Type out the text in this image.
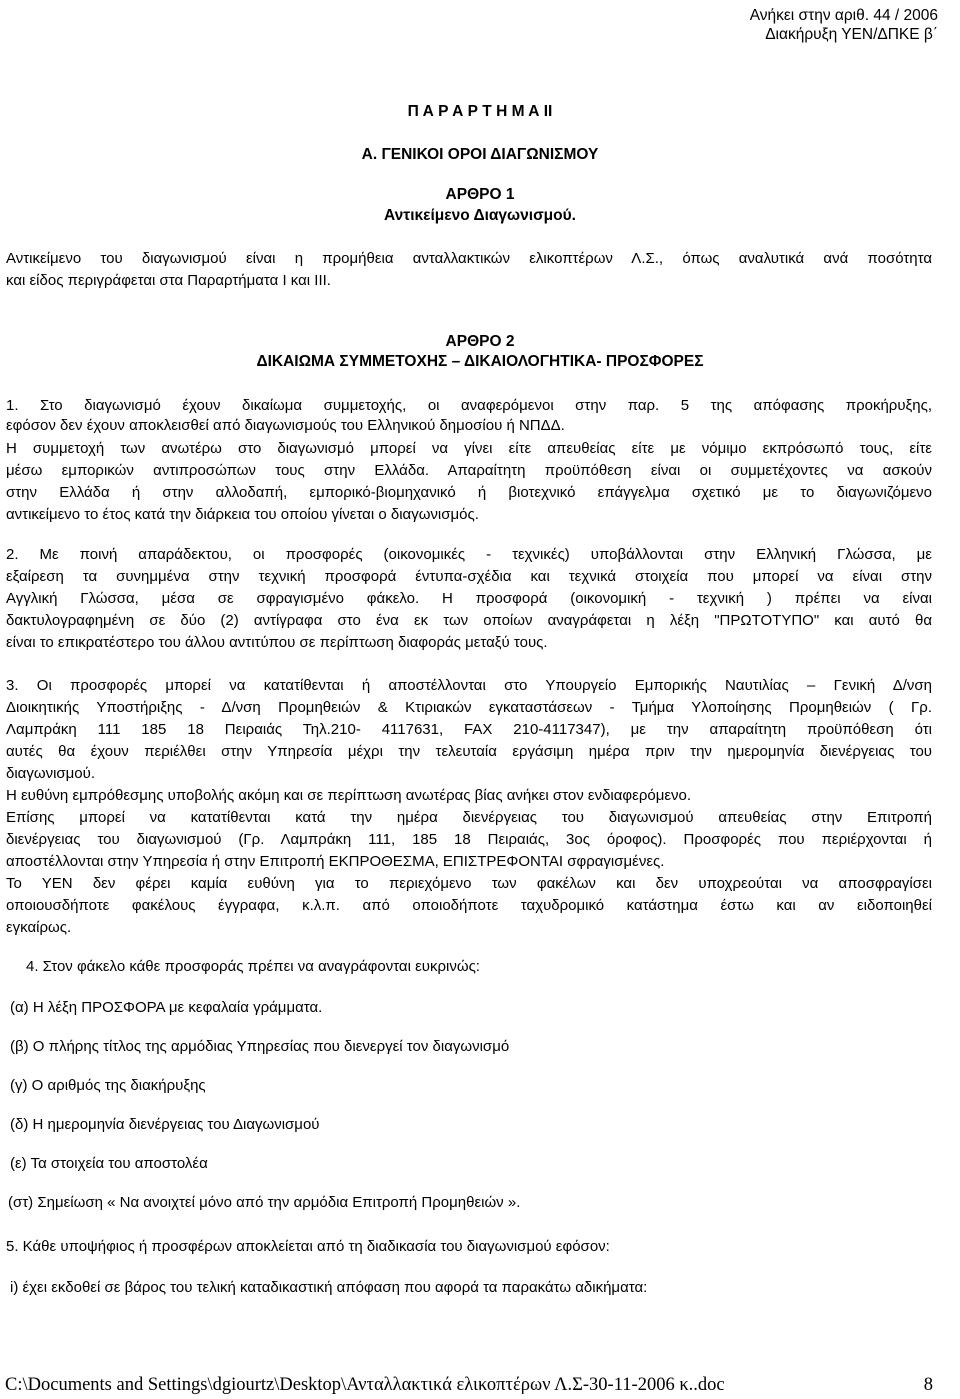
Ανήκει στην αριθ. 44 / 2006
Διακήρυξη ΥΕΝ/ΔΠΚΕ β΄
Π Α Ρ Α Ρ Τ Η Μ Α ΙΙ
Α. ΓΕΝΙΚΟΙ ΟΡΟΙ ΔΙΑΓΩΝΙΣΜΟΥ
ΑΡΘΡΟ 1
Αντικείμενο Διαγωνισμού.
Αντικείμενο του διαγωνισμού είναι η προμήθεια ανταλλακτικών ελικοπτέρων Λ.Σ., όπως αναλυτικά ανά ποσότητα
και είδος περιγράφεται στα Παραρτήματα Ι και ΙΙΙ.
ΑΡΘΡΟ 2
ΔΙΚΑΙΩΜΑ ΣΥΜΜΕΤΟΧΗΣ – ΔΙΚΑΙΟΛΟΓΗΤΙΚΑ- ΠΡΟΣΦΟΡΕΣ
1. Στο διαγωνισμό έχουν δικαίωμα συμμετοχής, οι αναφερόμενοι στην παρ. 5 της απόφασης προκήρυξης,
εφόσον δεν έχουν αποκλεισθεί από διαγωνισμούς του Ελληνικού δημοσίου ή ΝΠΔΔ.
Η συμμετοχή των ανωτέρω στο διαγωνισμό μπορεί να γίνει είτε απευθείας είτε με νόμιμο εκπρόσωπό τους, είτε
μέσω εμπορικών αντιπροσώπων τους στην Ελλάδα. Απαραίτητη προϋπόθεση είναι οι συμμετέχοντες να ασκούν
στην Ελλάδα ή στην αλλοδαπή, εμπορικό-βιομηχανικό ή βιοτεχνικό επάγγελμα σχετικό με το διαγωνιζόμενο
αντικείμενο το έτος κατά την διάρκεια του οποίου γίνεται ο διαγωνισμός.
2. Με ποινή απαράδεκτου, οι προσφορές (οικονομικές - τεχνικές) υποβάλλονται στην Ελληνική Γλώσσα, με
εξαίρεση τα συνημμένα στην τεχνική προσφορά έντυπα-σχέδια και τεχνικά στοιχεία που μπορεί να είναι στην
Αγγλική Γλώσσα, μέσα σε σφραγισμένο φάκελο. Η προσφορά (οικονομική - τεχνική ) πρέπει να είναι
δακτυλογραφημένη σε δύο (2) αντίγραφα στο ένα εκ των οποίων αναγράφεται η λέξη "ΠΡΩΤΟΤΥΠΟ" και αυτό θα
είναι το επικρατέστερο του άλλου αντιτύπου σε περίπτωση διαφοράς μεταξύ τους.
3. Οι προσφορές μπορεί να κατατίθενται ή αποστέλλονται στο Υπουργείο Εμπορικής Ναυτιλίας – Γενική Δ/νση
Διοικητικής Υποστήριξης - Δ/νση Προμηθειών & Κτιριακών εγκαταστάσεων - Τμήμα Υλοποίησης Προμηθειών ( Γρ.
Λαμπράκη 111 185 18 Πειραιάς Τηλ.210- 4117631, FAX 210-4117347), με την απαραίτητη προϋπόθεση ότι
αυτές θα έχουν περιέλθει στην Υπηρεσία μέχρι την τελευταία εργάσιμη ημέρα πριν την ημερομηνία διενέργειας του
διαγωνισμού.
Η ευθύνη εμπρόθεσμης υποβολής ακόμη και σε περίπτωση ανωτέρας βίας ανήκει στον ενδιαφερόμενο.
Επίσης μπορεί να κατατίθενται κατά την ημέρα διενέργειας του διαγωνισμού απευθείας στην Επιτροπή
διενέργειας του διαγωνισμού (Γρ. Λαμπράκη 111, 185 18 Πειραιάς, 3ος όροφος). Προσφορές που περιέρχονται ή
αποστέλλονται στην Υπηρεσία ή στην Επιτροπή ΕΚΠΡΟΘΕΣΜΑ, ΕΠΙΣΤΡΕΦΟΝΤΑΙ σφραγισμένες.
Το ΥΕΝ δεν φέρει καμία ευθύνη για το περιεχόμενο των φακέλων και δεν υποχρεούται να αποσφραγίσει
οποιουσδήποτε φακέλους έγγραφα, κ.λ.π. από οποιοδήποτε ταχυδρομικό κατάστημα έστω και αν ειδοποιηθεί
εγκαίρως.
4. Στον φάκελο κάθε προσφοράς πρέπει να αναγράφονται ευκρινώς:
(α) Η λέξη ΠΡΟΣΦΟΡΑ με κεφαλαία γράμματα.
(β) Ο πλήρης τίτλος της αρμόδιας Υπηρεσίας που διενεργεί τον διαγωνισμό
(γ) Ο αριθμός της διακήρυξης
(δ) Η ημερομηνία διενέργειας του Διαγωνισμού
(ε) Τα στοιχεία του αποστολέα
(στ) Σημείωση « Να ανοιχτεί μόνο από την αρμόδια Επιτροπή Προμηθειών ».
5. Κάθε υποψήφιος ή προσφέρων αποκλείεται από τη διαδικασία του διαγωνισμού εφόσον:
i) έχει εκδοθεί σε βάρος του τελική καταδικαστική απόφαση που αφορά τα παρακάτω αδικήματα:
C:\Documents and Settings\dgiourtz\Desktop\Ανταλλακτικά ελικοπτέρων Λ.Σ-30-11-2006 κ..doc	8
